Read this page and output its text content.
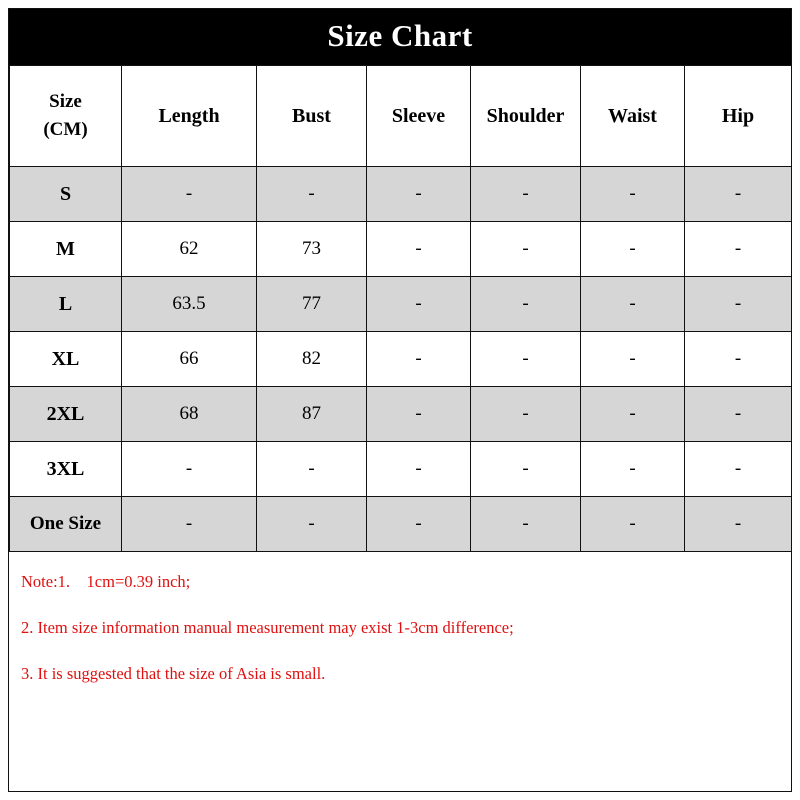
Size Chart
Size
(CM)	Length	Bust	Sleeve	Shoulder	Waist	Hip
S	-	-	-	-	-	-
M	62	73	-	-	-	-
L	63.5	77	-	-	-	-
XL	66	82	-	-	-	-
2XL	68	87	-	-	-	-
3XL	-	-	-	-	-	-
One Size	-	-	-	-	-	-

Note:1.    1cm=0.39 inch;

2. Item size information manual measurement may exist 1-3cm difference;

3. It is suggested that the size of Asia is small.
